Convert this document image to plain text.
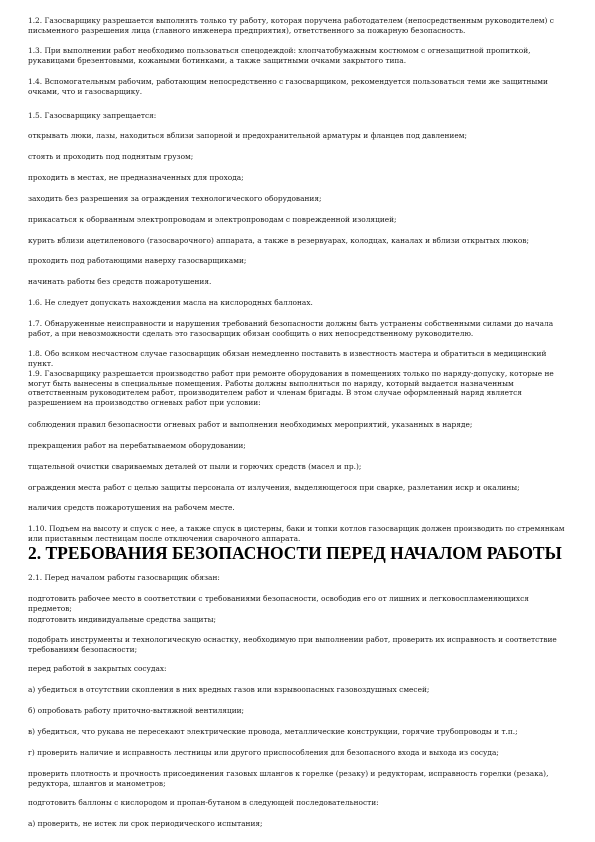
1.2. Газосварщику разрешается выполнять только ту работу, которая поручена работодателем (непосредственным руководителем) с письменного разрешения лица (главного инженера предприятия), ответственного за пожарную безопасность.

1.3. При выполнении работ необходимо пользоваться спецодеждой: хлопчатобумажным костюмом с огнезащитной пропиткой, рукавицами брезентовыми, кожаными ботинками, а также защитными очками закрытого типа.

1.4. Вспомогательным рабочим, работающим непосредственно с газосварщиком, рекомендуется пользоваться теми же защитными очками, что и газосварщику.

1.5. Газосварщику запрещается:

открывать люки, лазы, находиться вблизи запорной и предохранительной арматуры и фланцев под давлением;

стоять и проходить под поднятым грузом;

проходить в местах, не предназначенных для прохода;

заходить без разрешения за ограждения технологического оборудования;

прикасаться к оборванным электропроводам и электропроводам с поврежденной изоляцией;

курить вблизи ацетиленового (газосварочного) аппарата, а также в резервуарах, колодцах, каналах и вблизи открытых люков;

проходить под работающими наверху газосварщиками;

начинать работы без средств пожаротушения.

1.6. Не следует допускать нахождения масла на кислородных баллонах.

1.7. Обнаруженные неисправности и нарушения требований безопасности должны быть устранены собственными силами до начала работ, а при невозможности сделать это газосварщик обязан сообщить о них непосредственному руководителю.

1.8. Обо всяком несчастном случае газосварщик обязан немедленно поставить в известность мастера и обратиться в медицинский пункт.

1.9. Газосварщику разрешается производство работ при ремонте оборудования в помещениях только по наряду-допуску, которые не могут быть вынесены в специальные помещения. Работы должны выполняться по наряду, который выдается назначенным ответственным руководителем работ, производителем работ и членам бригады. В этом случае оформленный наряд является разрешением на производство огневых работ при условии:

соблюдения правил безопасности огневых работ и выполнения необходимых мероприятий, указанных в наряде;

прекращения работ на перебатываемом оборудовании;

тщательной очистки свариваемых деталей от пыли и горючих средств (масел и пр.);

ограждения места работ с целью защиты персонала от излучения, выделяющегося при сварке, разлетания искр и окалины;

наличия средств пожаротушения на рабочем месте.

1.10. Подъем на высоту и спуск с нее, а также спуск в цистерны, баки и топки котлов газосварщик должен производить по стремянкам или приставным лестницам после отключения сварочного аппарата.

2. ТРЕБОВАНИЯ БЕЗОПАСНОСТИ ПЕРЕД НАЧАЛОМ РАБОТЫ

2.1. Перед началом работы газосварщик обязан:

подготовить рабочее место в соответствии с требованиями безопасности, освободив его от лишних и легковоспламеняющихся предметов;

подготовить индивидуальные средства защиты;

подобрать инструменты и технологическую оснастку, необходимую при выполнении работ, проверить их исправность и соответствие требованиям безопасности;

перед работой в закрытых сосудах:

а) убедиться в отсутствии скопления в них вредных газов или взрывоопасных газовоздушных смесей;

б) опробовать работу приточно-вытяжной вентиляции;

в) убедиться, что рукава не пересекают электрические провода, металлические конструкции, горячие трубопроводы и т.п.;

г) проверить наличие и исправность лестницы или другого приспособления для безопасного входа и выхода из сосуда;

проверить плотность и прочность присоединения газовых шлангов к горелке (резаку) и редукторам, исправность горелки (резака), редуктора, шлангов и манометров;

подготовить баллоны с кислородом и пропан-бутаном в следующей последовательности:

а) проверить, не истек ли срок периодического испытания;
